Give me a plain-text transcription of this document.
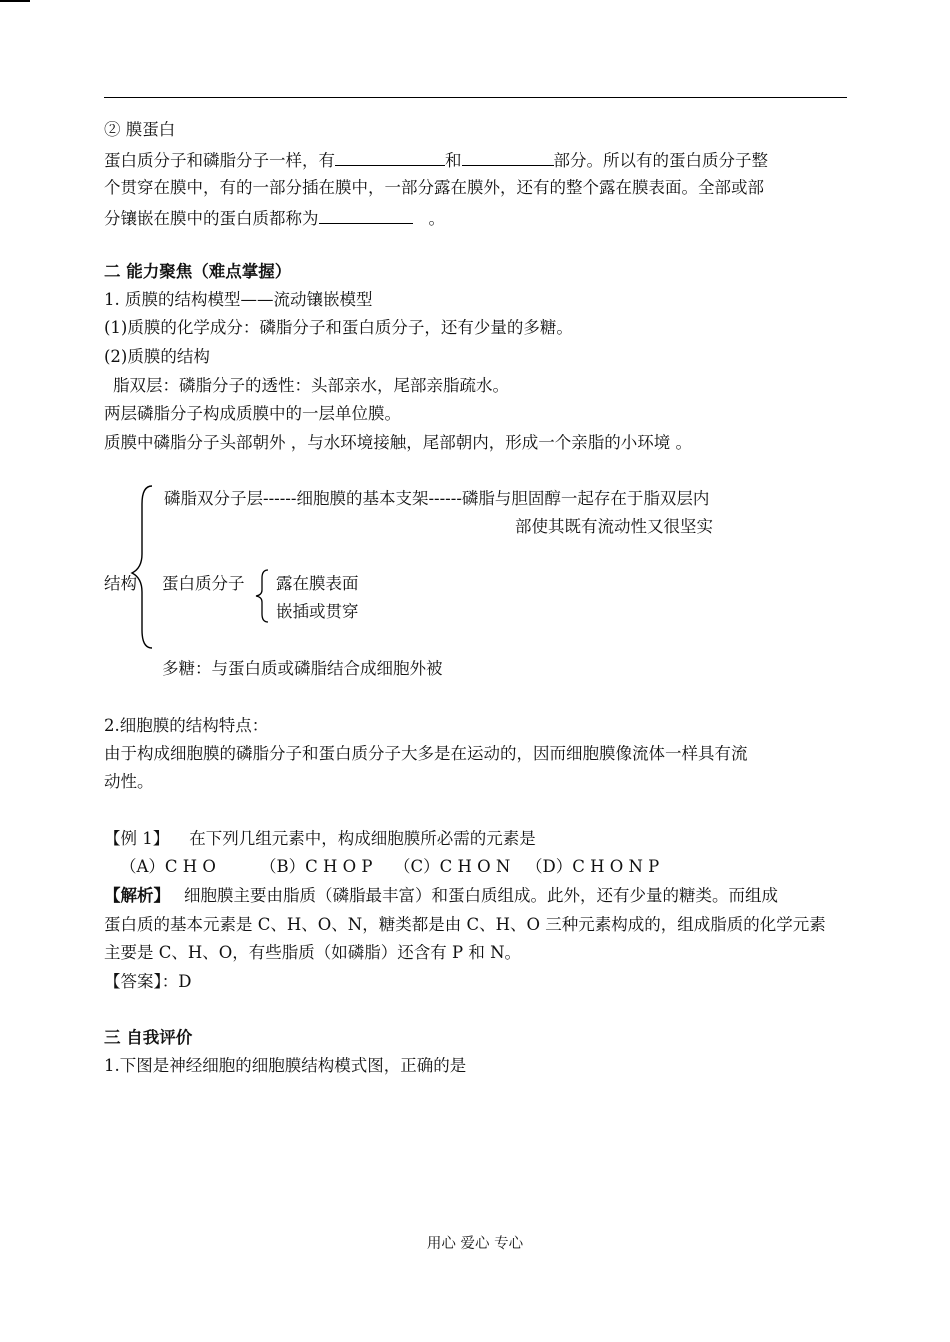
② 膜蛋白
蛋白质分子和磷脂分子一样，有	和	部分。所以有的蛋白质分子整
个贯穿在膜中，有的一部分插在膜中，一部分露在膜外，还有的整个露在膜表面。全部或部
分镶嵌在膜中的蛋白质都称为	。
二 能力聚焦（难点掌握）
1. 质膜的结构模型——流动镶嵌模型
(1)质膜的化学成分：磷脂分子和蛋白质分子，还有少量的多糖。
(2)质膜的结构
脂双层：磷脂分子的透性：头部亲水，尾部亲脂疏水。
两层磷脂分子构成质膜中的一层单位膜。
质膜中磷脂分子头部朝外 ，与水环境接触，尾部朝内，形成一个亲脂的小环境 。
结构
磷脂双分子层------细胞膜的基本支架------磷脂与胆固醇一起存在于脂双层内
部使其既有流动性又很坚实
蛋白质分子 露在膜表面
嵌插或贯穿
多糖：与蛋白质或磷脂结合成细胞外被
2.细胞膜的结构特点：
由于构成细胞膜的磷脂分子和蛋白质分子大多是在运动的，因而细胞膜像流体一样具有流
动性。
【例 1】 在下列几组元素中，构成细胞膜所必需的元素是
（A）C H O	（B）C H O P （C）C H O N （D）C H O N P
【解析】 细胞膜主要由脂质（磷脂最丰富）和蛋白质组成。此外，还有少量的糖类。而组成
蛋白质的基本元素是 C、H、O、N，糖类都是由 C、H、O 三种元素构成的，组成脂质的化学元素
主要是 C、H、O，有些脂质（如磷脂）还含有 P 和 N。
【答案】：D
三 自我评价
1.下图是神经细胞的细胞膜结构模式图，正确的是
用心 爱心 专心
